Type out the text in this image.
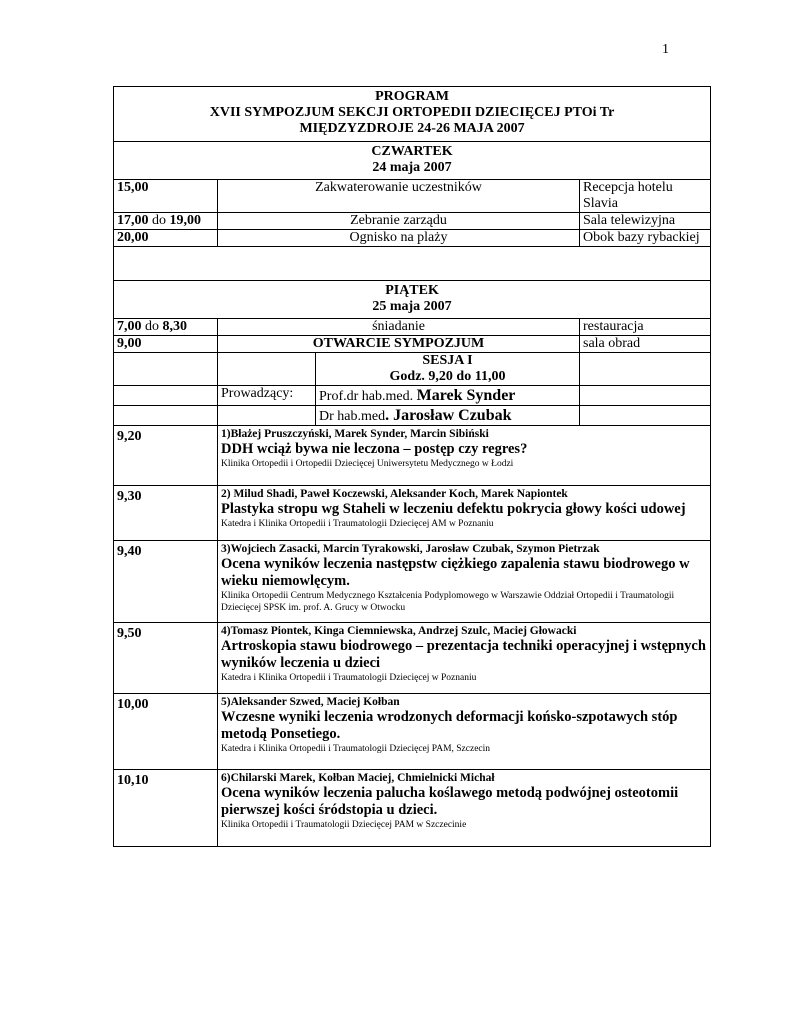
1
PROGRAM
XVII SYMPOZJUM SEKCJI ORTOPEDII DZIECIĘCEJ PTOi Tr
MIĘDZYZDROJE 24-26 MAJA 2007			

CZWARTEK
24 maja 2007			

15,00	Zakwaterowanie uczestników		Recepcja hotelu Slavia
17,00 do 19,00	Zebranie zarządu		Sala telewizyjna
20,00	Ognisko na plaży		Obok bazy rybackiej

PIĄTEK
25 maja 2007			

7,00 do 8,30	śniadanie		restauracja
9,00	OTWARCIE SYMPOZJUM		sala obrad

		SESJA I
Godz. 9,20 do 11,00	

	Prowadzący:	Prof.dr hab.med. Marek Synder	
		Dr hab.med. Jarosław Czubak	
9,20	1)Błażej Pruszczyński, Marek Synder, Marcin Sibiński
DDH wciąż bywa nie leczona – postęp czy regres?
Klinika Ortopedii i Ortopedii Dziecięcej Uniwersytetu Medycznego w Łodzi		

9,30	2) Milud Shadi, Paweł Koczewski, Aleksander Koch, Marek Napiontek
Plastyka stropu wg Staheli w leczeniu defektu pokrycia głowy kości udowej
Katedra i Klinika Ortopedii i Traumatologii Dziecięcej AM w Poznaniu		

9,40	3)Wojciech Zasacki, Marcin Tyrakowski, Jarosław Czubak, Szymon Pietrzak
Ocena wyników leczenia następstw ciężkiego zapalenia stawu biodrowego w wieku niemowlęcym.
Klinika Ortopedii Centrum Medycznego Kształcenia Podyplomowego w Warszawie Oddział Ortopedii i Traumatologii Dziecięcej SPSK im. prof. A. Grucy w Otwocku		

9,50	4)Tomasz Piontek, Kinga Ciemniewska, Andrzej Szulc, Maciej Głowacki
Artroskopia stawu biodrowego – prezentacja techniki operacyjnej i wstępnych wyników leczenia u dzieci
Katedra i Klinika Ortopedii i Traumatologii Dziecięcej w Poznaniu		

10,00	5)Aleksander Szwed, Maciej Kołban
Wczesne wyniki leczenia wrodzonych deformacji końsko-szpotawych stóp metodą Ponsetiego.
Katedra i Klinika Ortopedii i Traumatologii Dziecięcej PAM, Szczecin		

10,10	6)Chilarski Marek, Kołban Maciej, Chmielnicki Michał
Ocena wyników leczenia palucha koślawego metodą podwójnej osteotomii pierwszej kości śródstopia u dzieci.
Klinika Ortopedii i Traumatologii Dziecięcej PAM w Szczecinie		
